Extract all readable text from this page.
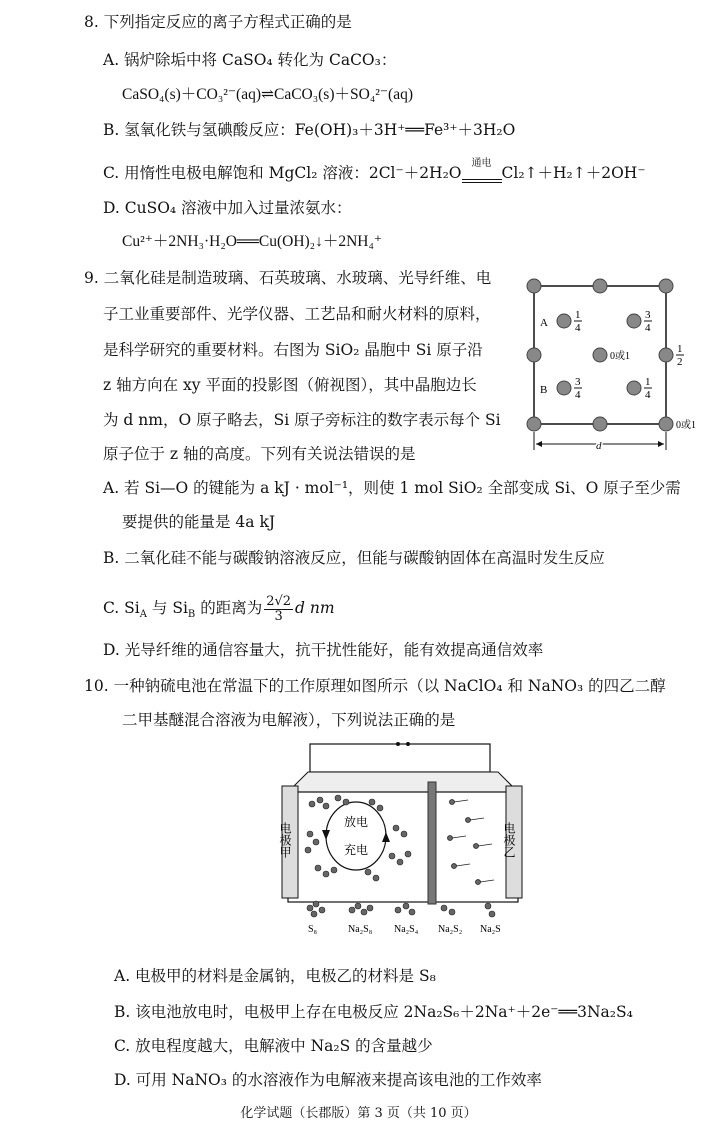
8. 下列指定反应的离子方程式正确的是
A. 锅炉除垢中将 CaSO₄ 转化为 CaCO₃：
CaSO₄(s)＋CO₃²⁻(aq)⇌CaCO₃(s)＋SO₄²⁻(aq)
B. 氢氧化铁与氢碘酸反应：Fe(OH)₃＋3H⁺══Fe³⁺＋3H₂O
C. 用惰性电极电解饱和 MgCl₂ 溶液：2Cl⁻＋2H₂O
通电
Cl₂↑＋H₂↑＋2OH⁻
D. CuSO₄ 溶液中加入过量浓氨水：
Cu²⁺＋2NH₃·H₂O══Cu(OH)₂↓＋2NH₄⁺
9. 二氧化硅是制造玻璃、石英玻璃、水玻璃、光导纤维、电
子工业重要部件、光学仪器、工艺品和耐火材料的原料，
是科学研究的重要材料。右图为 SiO₂ 晶胞中 Si 原子沿
z 轴方向在 xy 平面的投影图（俯视图），其中晶胞边长
为 d nm，O 原子略去，Si 原子旁标注的数字表示每个 Si
原子位于 z 轴的高度。下列有关说法错误的是
A
1
4
3
4
0或1
1
2
B
3
4
1
4
0或1
d
A. 若 Si—O 的键能为 a kJ · mol⁻¹，则使 1 mol SiO₂ 全部变成 Si、O 原子至少需
要提供的能量是 4a kJ
B. 二氧化硅不能与碳酸钠溶液反应，但能与碳酸钠固体在高温时发生反应
C. $Si_A$ 与 $Si_B$ 的距离为 $\frac{2√2}{3}$ d nm
D. 光导纤维的通信容量大，抗干扰性能好，能有效提高通信效率
10. 一种钠硫电池在常温下的工作原理如图所示（以 NaClO₄ 和 NaNO₃ 的四乙二醇
二甲基醚混合溶液为电解液），下列说法正确的是
电极甲	电极乙
放电
充电
S₈	Na₂S₈ Na₂S₄ Na₂S₂ Na₂S
A. 电极甲的材料是金属钠，电极乙的材料是 S₈
B. 该电池放电时，电极甲上存在电极反应 2Na₂S₆＋2Na⁺＋2e⁻══3Na₂S₄
C. 放电程度越大，电解液中 Na₂S 的含量越少
D. 可用 NaNO₃ 的水溶液作为电解液来提高该电池的工作效率
化学试题（长郡版）第 3 页（共 10 页）
